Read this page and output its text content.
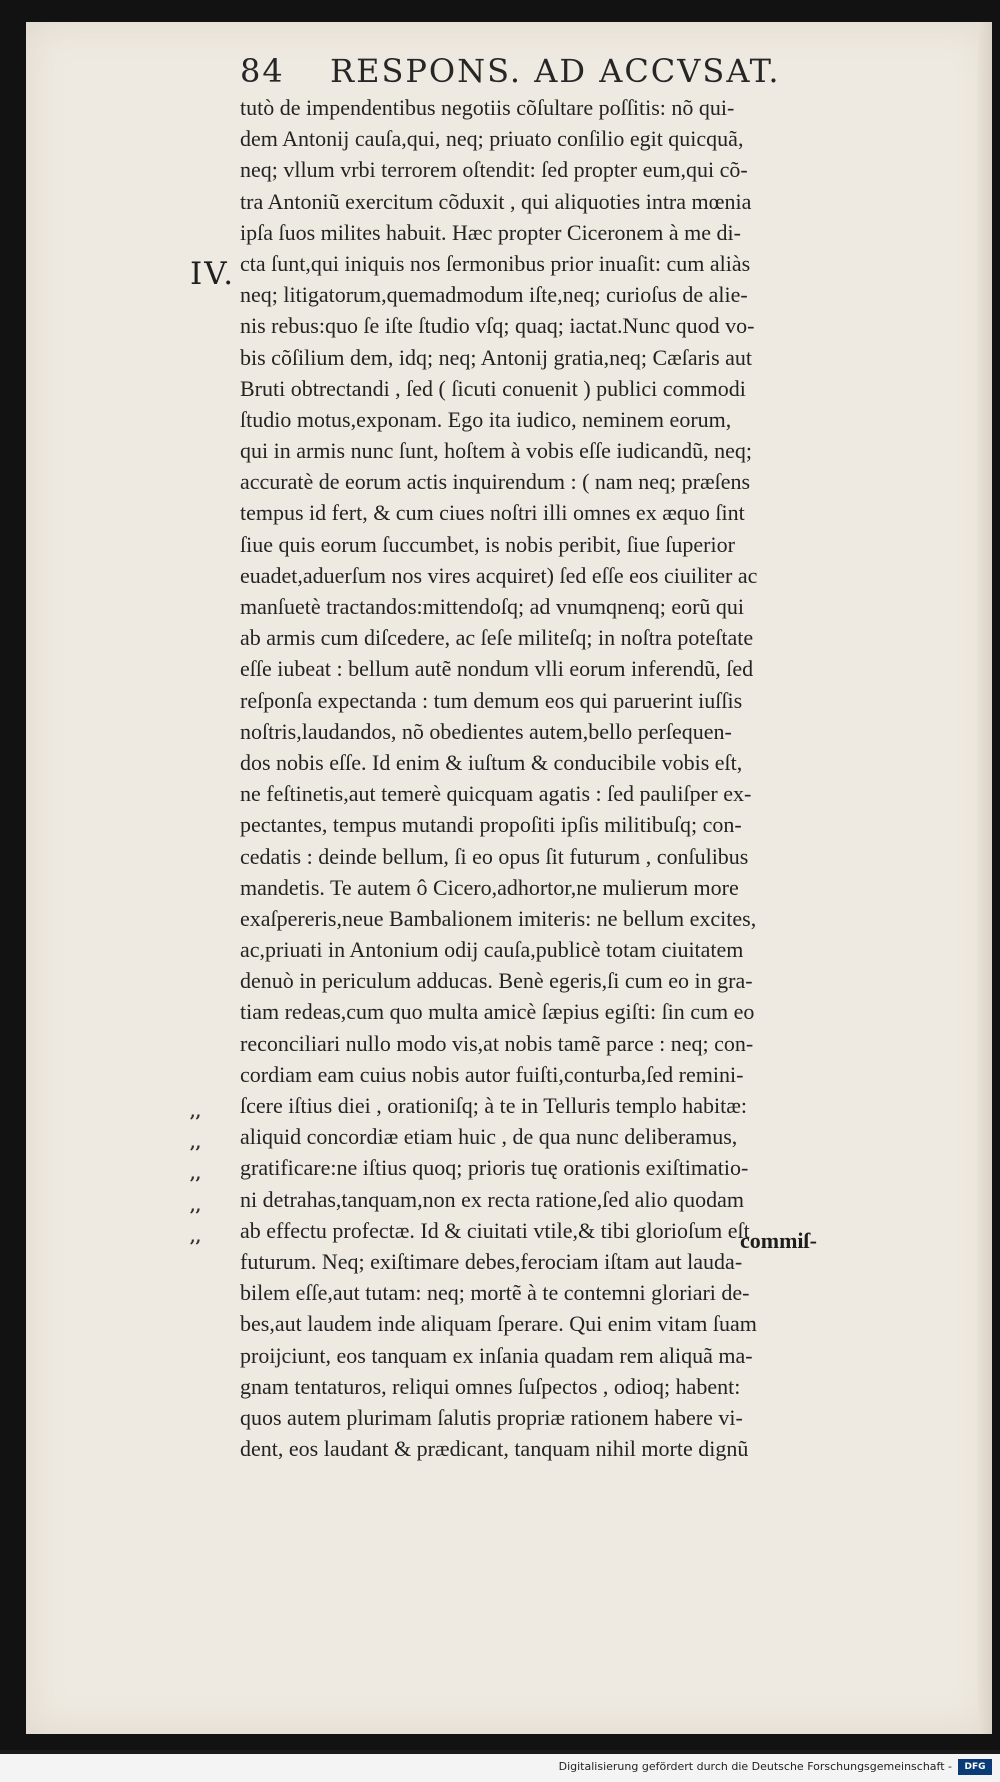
84 RESPONS. AD ACCVSAT.
IV.
tutò de impendentibus negotiis cõſultare poſſitis: nõ qui-
dem Antonij cauſa,qui, neq; priuato conſilio egit quicquã,
neq; vllum vrbi terrorem oſtendit: ſed propter eum,qui cõ-
tra Antoniũ exercitum cõduxit , qui aliquoties intra mœnia
ipſa ſuos milites habuit. Hæc propter Ciceronem à me di-
cta ſunt,qui iniquis nos ſermonibus prior inuaſit: cum aliàs
neq; litigatorum,quemadmodum iſte,neq; curioſus de alie-
nis rebus:quo ſe iſte ſtudio vſq; quaq; iactat.Nunc quod vo-
bis cõſilium dem, idq; neq; Antonij gratia,neq; Cæſaris aut
Bruti obtrectandi , ſed ( ſicuti conuenit ) publici commodi
ſtudio motus,exponam. Ego ita iudico, neminem eorum,
qui in armis nunc ſunt, hoſtem à vobis eſſe iudicandũ, neq;
accuratè de eorum actis inquirendum : ( nam neq; præſens
tempus id fert, & cum ciues noſtri illi omnes ex æquo ſint
ſiue quis eorum ſuccumbet, is nobis peribit, ſiue ſuperior
euadet,aduerſum nos vires acquiret) ſed eſſe eos ciuiliter ac
manſuetè tractandos:mittendoſq; ad vnumqnenq; eorũ qui
ab armis cum diſcedere, ac ſeſe militeſq; in noſtra poteſtate
eſſe iubeat : bellum autẽ nondum vlli eorum inferendũ, ſed
reſponſa expectanda : tum demum eos qui paruerint iuſſis
noſtris,laudandos, nõ obedientes autem,bello perſequen-
dos nobis eſſe. Id enim & iuſtum & conducibile vobis eſt,
ne feſtinetis,aut temerè quicquam agatis : ſed pauliſper ex-
pectantes, tempus mutandi propoſiti ipſis militibuſq; con-
cedatis : deinde bellum, ſi eo opus ſit futurum , conſulibus
mandetis. Te autem ô Cicero,adhortor,ne mulierum more
exaſpereris,neue Bambalionem imiteris: ne bellum excites,
ac,priuati in Antonium odij cauſa,publicè totam ciuitatem
denuò in periculum adducas. Benè egeris,ſi cum eo in gra-
tiam redeas,cum quo multa amicè ſæpius egiſti: ſin cum eo
reconciliari nullo modo vis,at nobis tamẽ parce : neq; con-
cordiam eam cuius nobis autor fuiſti,conturba,ſed remini-
ſcere iſtius diei , orationiſq; à te in Telluris templo habitæ:
aliquid concordiæ etiam huic , de qua nunc deliberamus,
gratificare:ne iſtius quoq; prioris tuę orationis exiſtimatio-
ni detrahas,tanquam,non ex recta ratione,ſed alio quodam
ab effectu profectæ. Id & ciuitati vtile,& tibi glorioſum eſt
futurum. Neq; exiſtimare debes,ferociam iſtam aut lauda-
bilem eſſe,aut tutam: neq; mortẽ à te contemni gloriari de-
bes,aut laudem inde aliquam ſperare. Qui enim vitam ſuam
proijciunt, eos tanquam ex inſania quadam rem aliquã ma-
gnam tentaturos, reliqui omnes ſuſpectos , odioq; habent:
quos autem plurimam ſalutis propriæ rationem habere vi-
dent, eos laudant & prædicant, tanquam nihil morte dignũ
,,
,,
,,
,,
,,	commiſ-
Digitalisierung gefördert durch die Deutsche Forschungsgemeinschaft -	DFG
